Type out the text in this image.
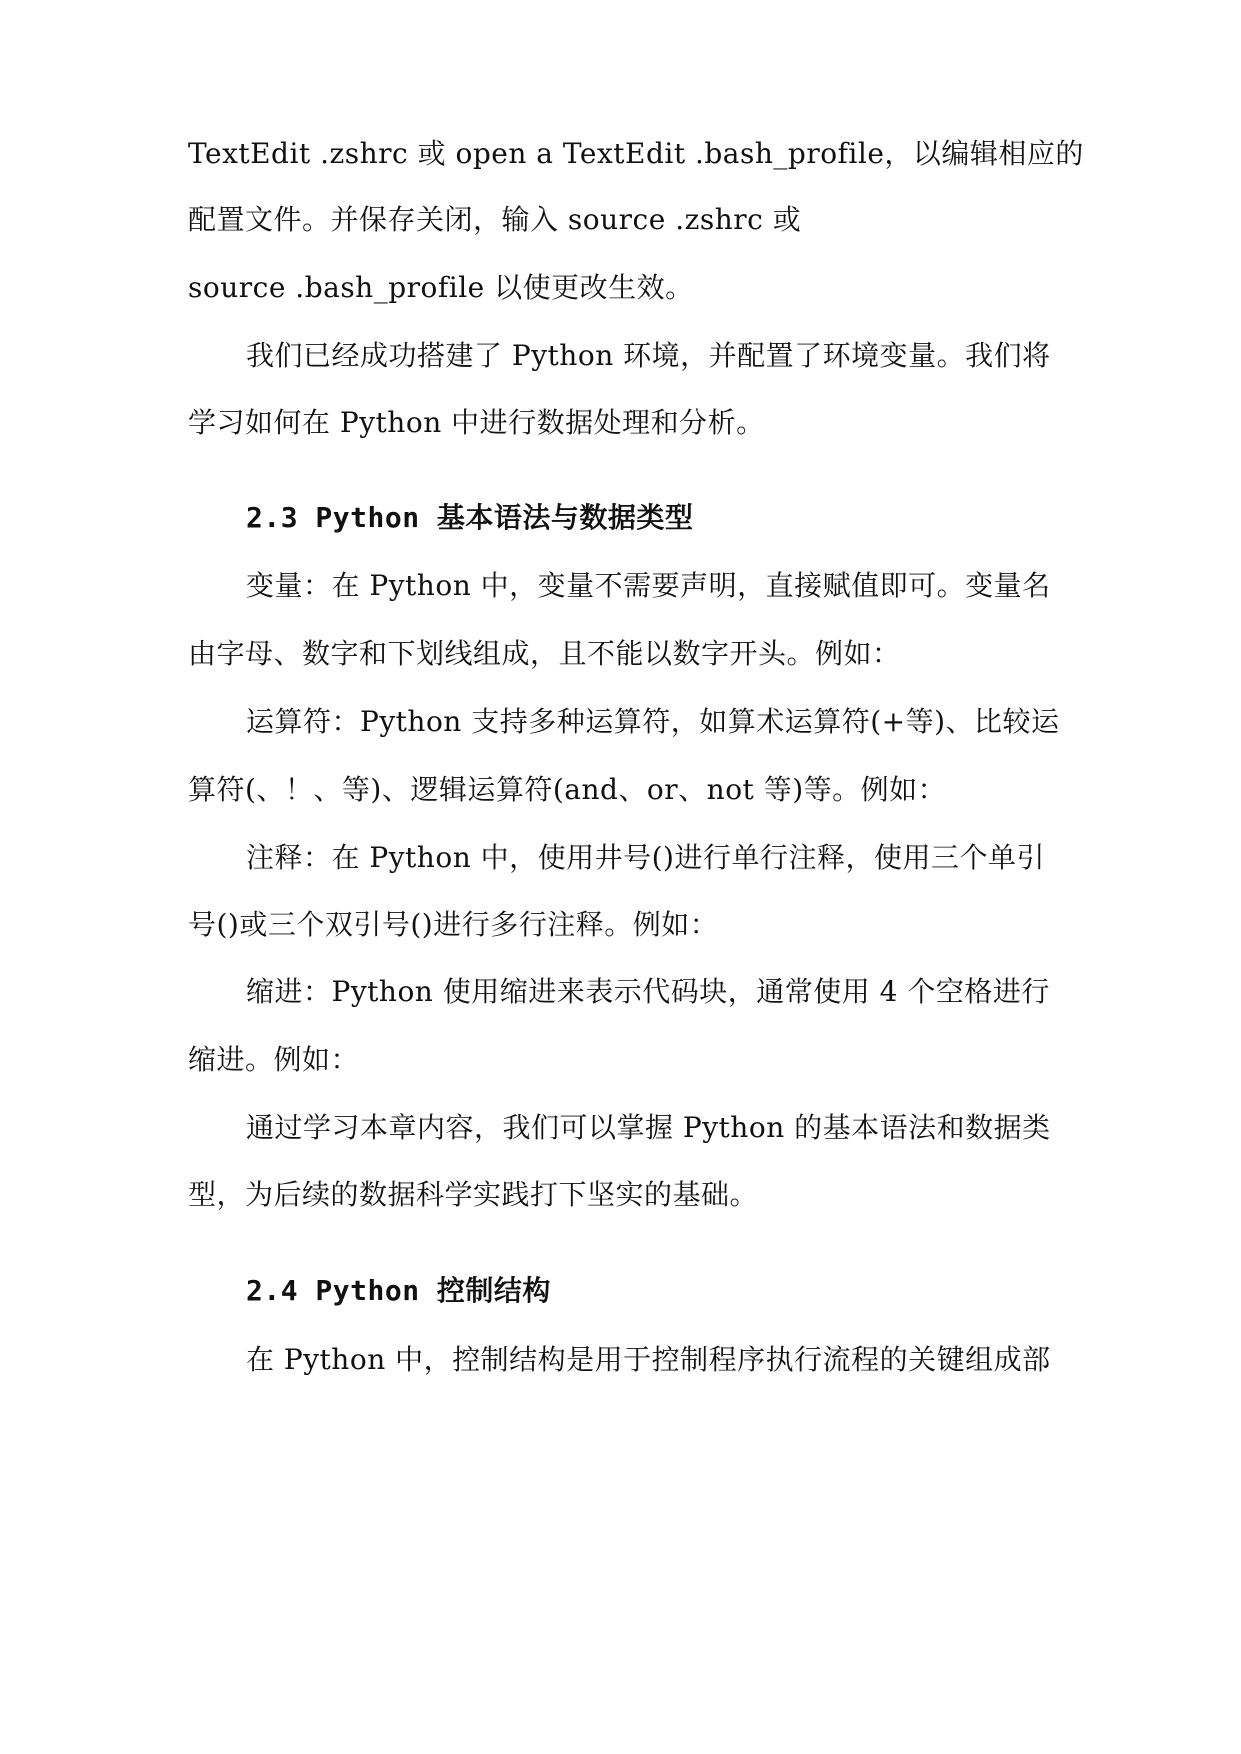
TextEdit .zshrc 或 open a TextEdit .bash_profile，以编辑相应的
配置文件。并保存关闭，输入 source .zshrc 或
source .bash_profile 以使更改生效。
我们已经成功搭建了 Python 环境，并配置了环境变量。我们将
学习如何在 Python 中进行数据处理和分析。
2.3 Python 基本语法与数据类型
变量：在 Python 中，变量不需要声明，直接赋值即可。变量名
由字母、数字和下划线组成，且不能以数字开头。例如：
运算符：Python 支持多种运算符，如算术运算符(+等)、比较运
算符(、！、等)、逻辑运算符(and、or、not 等)等。例如：
注释：在 Python 中，使用井号()进行单行注释，使用三个单引
号()或三个双引号()进行多行注释。例如：
缩进：Python 使用缩进来表示代码块，通常使用 4 个空格进行
缩进。例如：
通过学习本章内容，我们可以掌握 Python 的基本语法和数据类
型，为后续的数据科学实践打下坚实的基础。
2.4 Python 控制结构
在 Python 中，控制结构是用于控制程序执行流程的关键组成部
